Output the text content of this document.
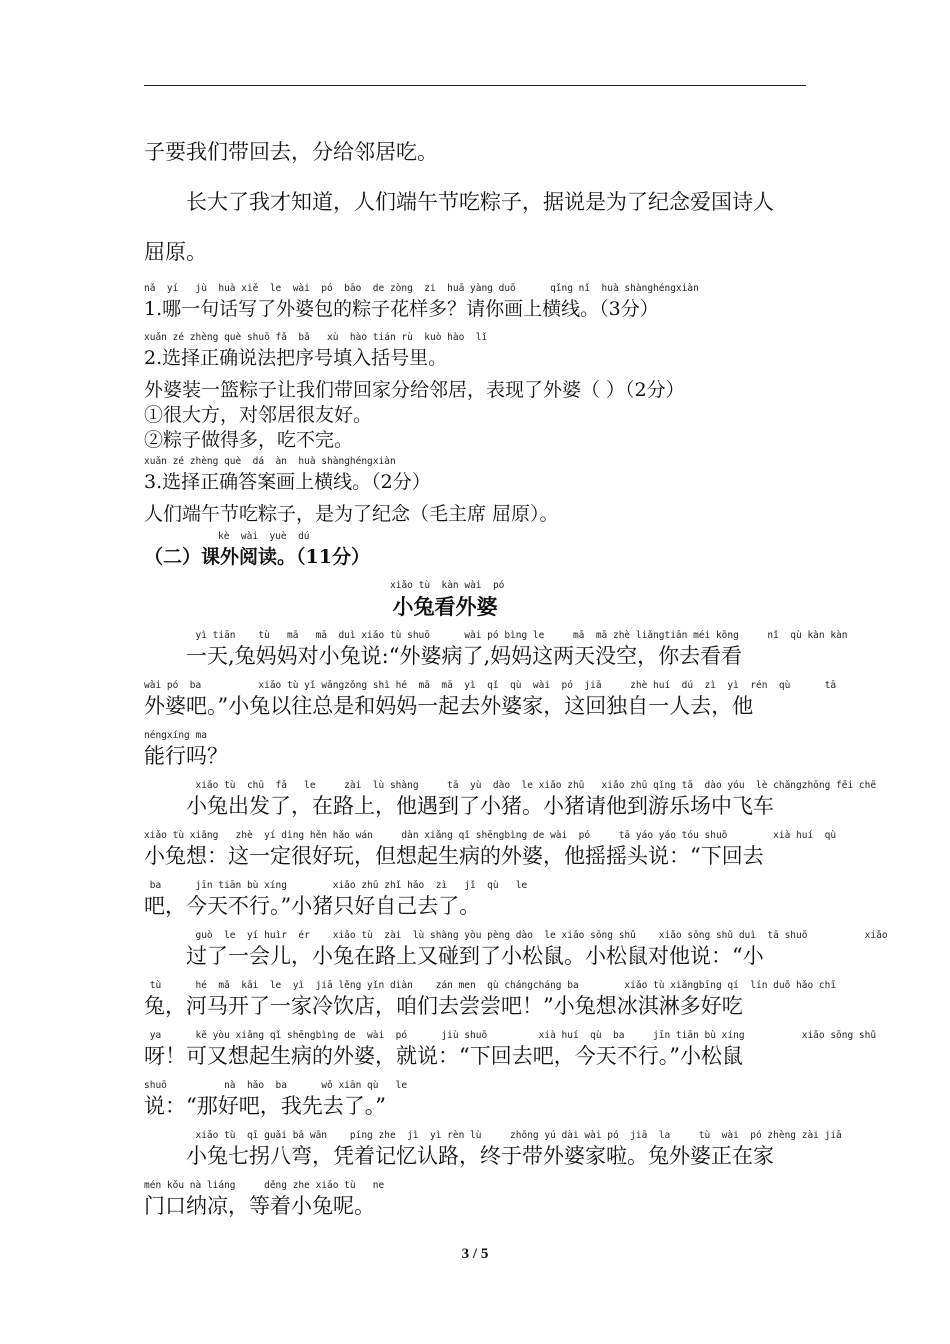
子要我们带回去，分给邻居吃。
长大了我才知道，人们端午节吃粽子，据说是为了纪念爱国诗人
屈原。
nǎ  yí   jù  huà xiě  le  wài  pó  bāo  de zòng  zi  huā yàng duō      qǐng nǐ  huà shànghéngxiàn
1.哪一句话写了外婆包的粽子花样多？请你画上横线。（3分）
xuǎn zé zhèng què shuō fǎ  bǎ   xù  hào tián rù  kuò hào  lǐ
2.选择正确说法把序号填入括号里。
外婆装一篮粽子让我们带回家分给邻居，表现了外婆（ ）（2分）
①很大方，对邻居很友好。
②粽子做得多，吃不完。
xuǎn zé zhèng què  dá  àn  huà shànghéngxiàn
3.选择正确答案画上横线。（2分）
人们端午节吃粽子，是为了纪念（毛主席 屈原）。
kè  wài  yuè  dú
（二）课外阅读。（11分）
xiǎo tù  kàn wài  pó
小兔看外婆
yì tiān    tù   mā   mā  duì xiǎo tù shuō      wài pó bìng le     mā  mā zhè liǎngtiān méi kōng     nǐ  qù kàn kàn
一天,兔妈妈对小兔说:“外婆病了,妈妈这两天没空，你去看看
wài pó  ba          xiǎo tù yǐ wǎngzǒng shì hé  mā  mā  yì  qǐ  qù  wài  pó  jiā     zhè huí  dú  zì  yì  rén  qù      tā
外婆吧。”小兔以往总是和妈妈一起去外婆家，这回独自一人去，他
néngxíng ma
能行吗？
xiǎo tù  chū  fā   le     zài  lù shàng     tā  yù  dào  le xiǎo zhū   xiǎo zhū qǐng tā  dào yóu  lè chǎngzhōng fēi chē
小兔出发了，在路上，他遇到了小猪。小猪请他到游乐场中飞车
xiǎo tù xiǎng   zhè  yí dìng hěn hǎo wán     dàn xiǎng qǐ shēngbìng de wài  pó     tā yáo yáo tóu shuō        xià huí  qù
小兔想：这一定很好玩，但想起生病的外婆，他摇摇头说：“下回去
ba      jīn tiān bù xíng        xiǎo zhū zhǐ hǎo  zì   jǐ  qù   le
吧，今天不行。”小猪只好自己去了。
guò  le  yí huìr  ér    xiǎo tù  zài  lù shàng yòu pèng dào  le xiǎo sōng shǔ    xiǎo sōng shǔ duì  tā shuō          xiǎo
过了一会儿，小兔在路上又碰到了小松鼠。小松鼠对他说：“小
tù      hé  mǎ  kāi  le  yì  jiā lěng yǐn diàn    zán men  qù chángcháng ba        xiǎo tù xiǎngbīng qí  lín duō hǎo chī
兔，河马开了一家冷饮店，咱们去尝尝吧！”小兔想冰淇淋多好吃
ya      kě yòu xiǎng qǐ shēngbìng de  wài  pó      jiù shuō         xià huí  qù  ba     jīn tiān bù xíng          xiǎo sōng shǔ
呀！可又想起生病的外婆，就说：“下回去吧，今天不行。”小松鼠
shuō          nà  hǎo  ba      wǒ xiān qù   le
说：“那好吧，我先去了。”
xiǎo tù  qī guǎi bā wān    píng zhe  jì  yì rèn lù     zhōng yú dài wài pó  jiā  la     tù  wài  pó zhèng zài jiā
小兔七拐八弯，凭着记忆认路，终于带外婆家啦。兔外婆正在家
mén kǒu nà liáng     děng zhe xiǎo tù   ne
门口纳凉，等着小兔呢。
3 / 5
